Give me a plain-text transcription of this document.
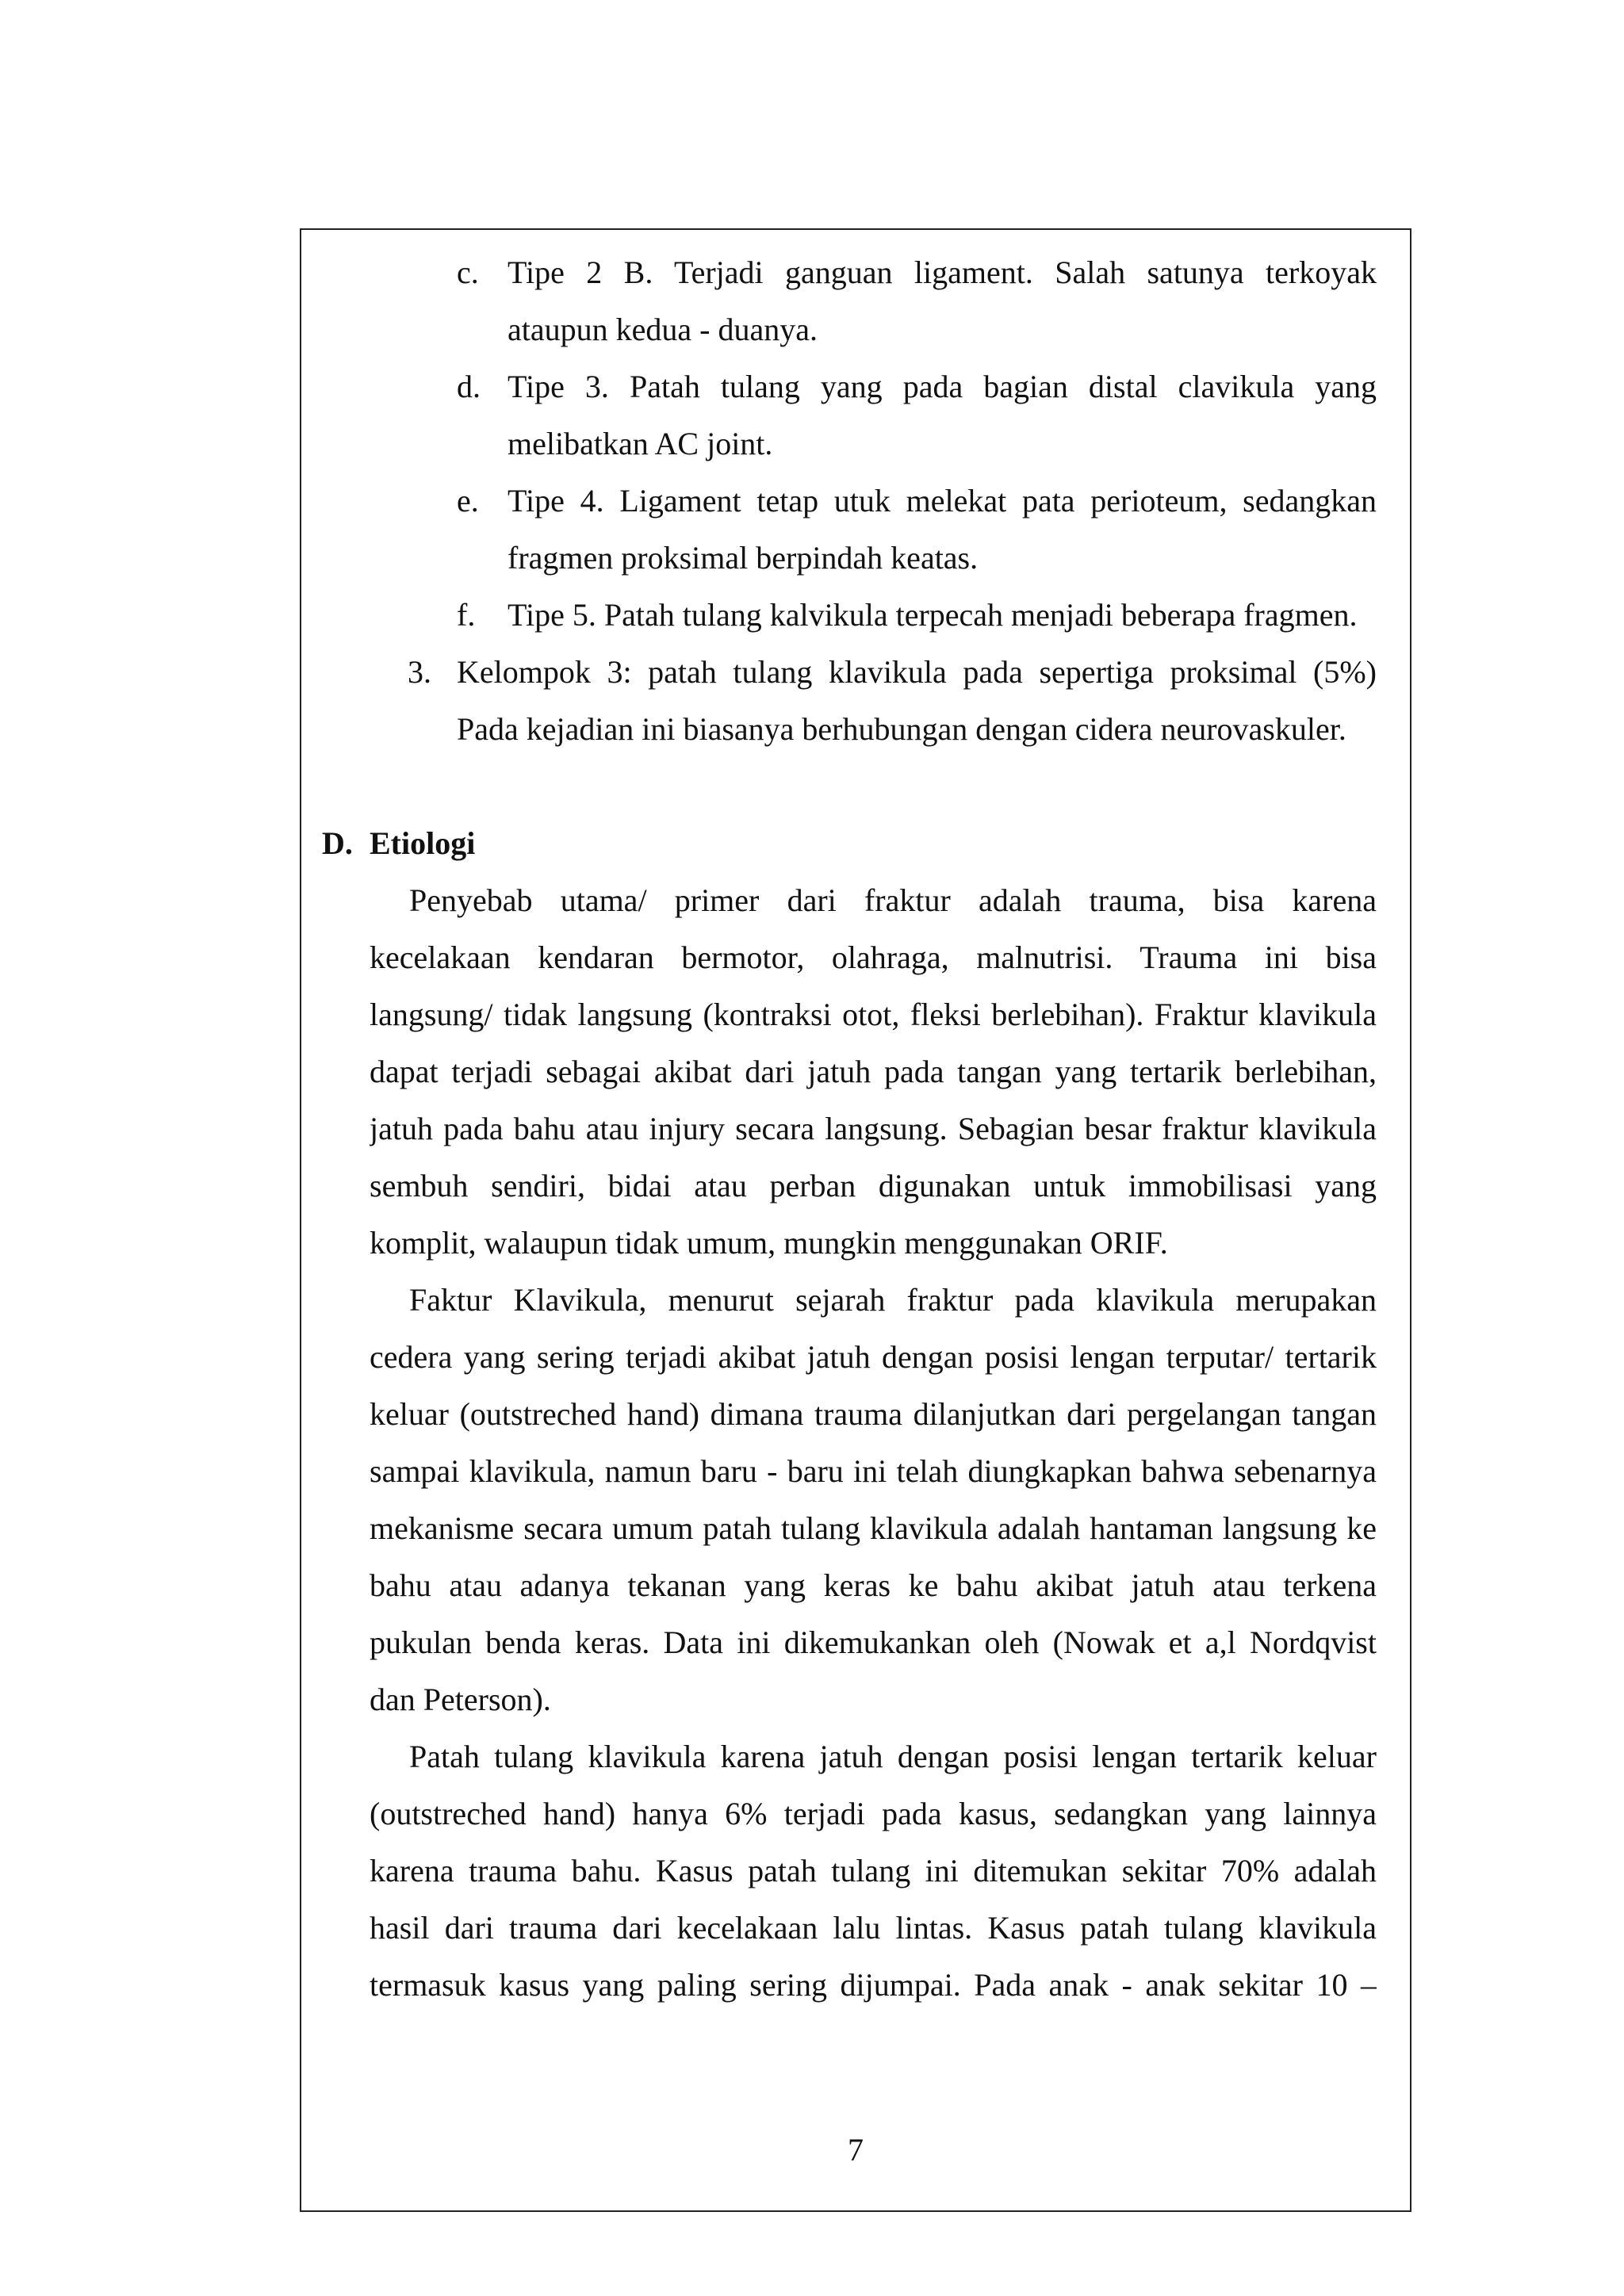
c. Tipe 2 B. Terjadi ganguan ligament. Salah satunya terkoyak
ataupun kedua - duanya.
d. Tipe 3. Patah tulang yang pada bagian distal clavikula yang
melibatkan AC joint.
e. Tipe 4. Ligament tetap utuk melekat pata perioteum, sedangkan
fragmen proksimal berpindah keatas.
f. Tipe 5. Patah tulang kalvikula terpecah menjadi beberapa fragmen.
3. Kelompok 3: patah tulang klavikula pada sepertiga proksimal (5%)
Pada kejadian ini biasanya berhubungan dengan cidera neurovaskuler.
D. Etiologi
Penyebab utama/ primer dari fraktur adalah trauma, bisa karena
kecelakaan kendaran bermotor, olahraga, malnutrisi. Trauma ini bisa
langsung/ tidak langsung (kontraksi otot, fleksi berlebihan). Fraktur klavikula
dapat terjadi sebagai akibat dari jatuh pada tangan yang tertarik berlebihan,
jatuh pada bahu atau injury secara langsung. Sebagian besar fraktur klavikula
sembuh sendiri, bidai atau perban digunakan untuk immobilisasi yang
komplit, walaupun tidak umum, mungkin menggunakan ORIF.
Faktur Klavikula, menurut sejarah fraktur pada klavikula merupakan
cedera yang sering terjadi akibat jatuh dengan posisi lengan terputar/ tertarik
keluar (outstreched hand) dimana trauma dilanjutkan dari pergelangan tangan
sampai klavikula, namun baru - baru ini telah diungkapkan bahwa sebenarnya
mekanisme secara umum patah tulang klavikula adalah hantaman langsung ke
bahu atau adanya tekanan yang keras ke bahu akibat jatuh atau terkena
pukulan benda keras. Data ini dikemukankan oleh (Nowak et a,l Nordqvist
dan Peterson).
Patah tulang klavikula karena jatuh dengan posisi lengan tertarik keluar
(outstreched hand) hanya 6% terjadi pada kasus, sedangkan yang lainnya
karena trauma bahu. Kasus patah tulang ini ditemukan sekitar 70% adalah
hasil dari trauma dari kecelakaan lalu lintas. Kasus patah tulang klavikula
termasuk kasus yang paling sering dijumpai. Pada anak - anak sekitar 10 –
7
